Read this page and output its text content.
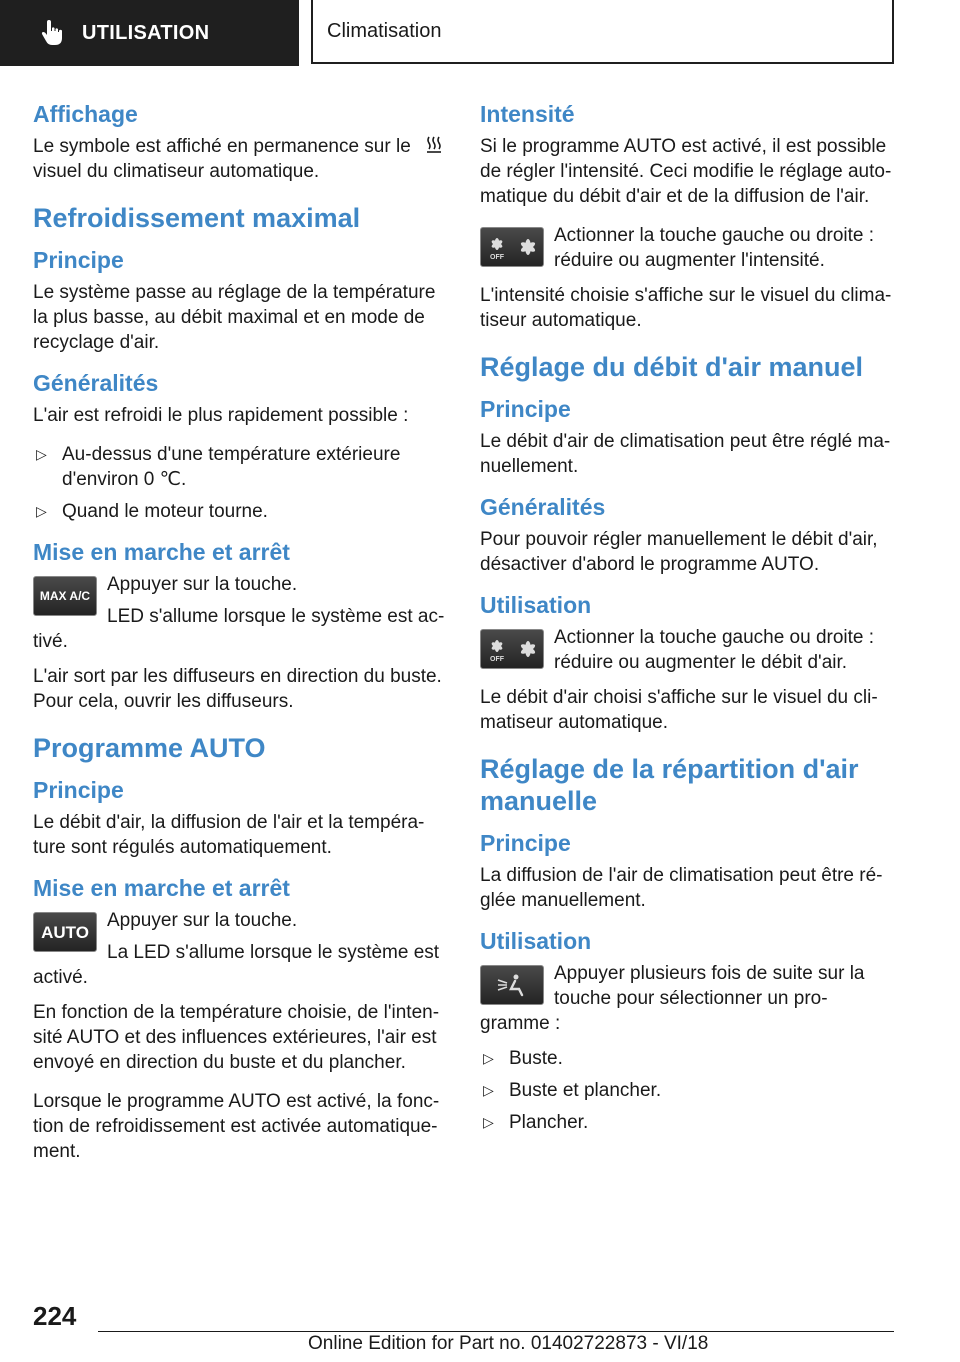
UTILISATION	Climatisation
Affichage

Le symbole est affiché en permanence sur le
visuel du climatiseur automatique.

Refroidissement maximal
Principe

Le système passe au réglage de la température la plus basse, au débit maximal et en mode de recyclage d'air.

Généralités

L'air est refroidi le plus rapidement possible :

▷ Au-dessus d'une température extérieure d'environ 0 ℃.
▷ Quand le moteur tourne.
Mise en marche et arrêt
MAX A/C
Appuyer sur la touche.
LED s'allume lorsque le système est ac-tivé.

L'air sort par les diffuseurs en direction du buste. Pour cela, ouvrir les diffuseurs.

Programme AUTO
Principe

Le débit d'air, la diffusion de l'air et la tempéra-ture sont régulés automatiquement.

Mise en marche et arrêt
AUTO
Appuyer sur la touche.
La LED s'allume lorsque le système est activé.

En fonction de la température choisie, de l'inten-sité AUTO et des influences extérieures, l'air est envoyé en direction du buste et du plancher.

Lorsque le programme AUTO est activé, la fonc-tion de refroidissement est activée automatique-ment.

Intensité

Si le programme AUTO est activé, il est possible de régler l'intensité. Ceci modifie le réglage auto-matique du débit d'air et de la diffusion de l'air.

OFF
Actionner la touche gauche ou droite : réduire ou augmenter l'intensité.

L'intensité choisie s'affiche sur le visuel du clima-tiseur automatique.

Réglage du débit d'air manuel
Principe

Le débit d'air de climatisation peut être réglé ma-nuellement.

Généralités

Pour pouvoir régler manuellement le débit d'air, désactiver d'abord le programme AUTO.

Utilisation
OFF
Actionner la touche gauche ou droite : réduire ou augmenter le débit d'air.

Le débit d'air choisi s'affiche sur le visuel du cli-matiseur automatique.

Réglage de la répartition d'air manuelle
Principe

La diffusion de l'air de climatisation peut être ré-glée manuellement.

Utilisation
Appuyer plusieurs fois de suite sur la touche pour sélectionner un pro-gramme :
▷ Buste.
▷ Buste et plancher.
▷ Plancher.
224
Online Edition for Part no. 01402722873 - VI/18
